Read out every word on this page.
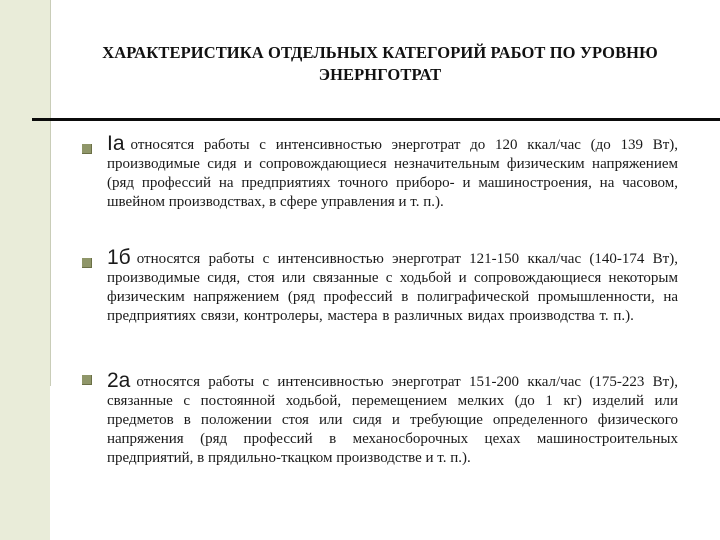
ХАРАКТЕРИСТИКА ОТДЕЛЬНЫХ КАТЕГОРИЙ РАБОТ ПО УРОВНЮ ЭНЕРНГОТРАТ
Iа относятся работы с интенсивностью энерготрат до 120 ккал/час (до 139 Вт), производимые сидя и сопровождающиеся незначительным физическим напряжением (ряд профессий на предприятиях точного приборо- и машиностроения, на часовом, швейном производствах, в сфере управления и т. п.).
1б относятся работы с интенсивностью энерготрат 121-150 ккал/час (140-174 Вт), производимые сидя, стоя или связанные с ходьбой и сопровождающиеся некоторым физическим напряжением (ряд профессий в полиграфической промышленности, на предприятиях связи, контролеры, мастера в различных видах производства т. п.).
2а относятся работы с интенсивностью энерготрат 151-200 ккал/час (175-223 Вт), связанные с постоянной ходьбой, перемещением мелких (до 1 кг) изделий или предметов в положении стоя или сидя и требующие определенного физического напряжения (ряд профессий в механосборочных цехах машиностроительных предприятий, в прядильно-ткацком производстве и т. п.).
